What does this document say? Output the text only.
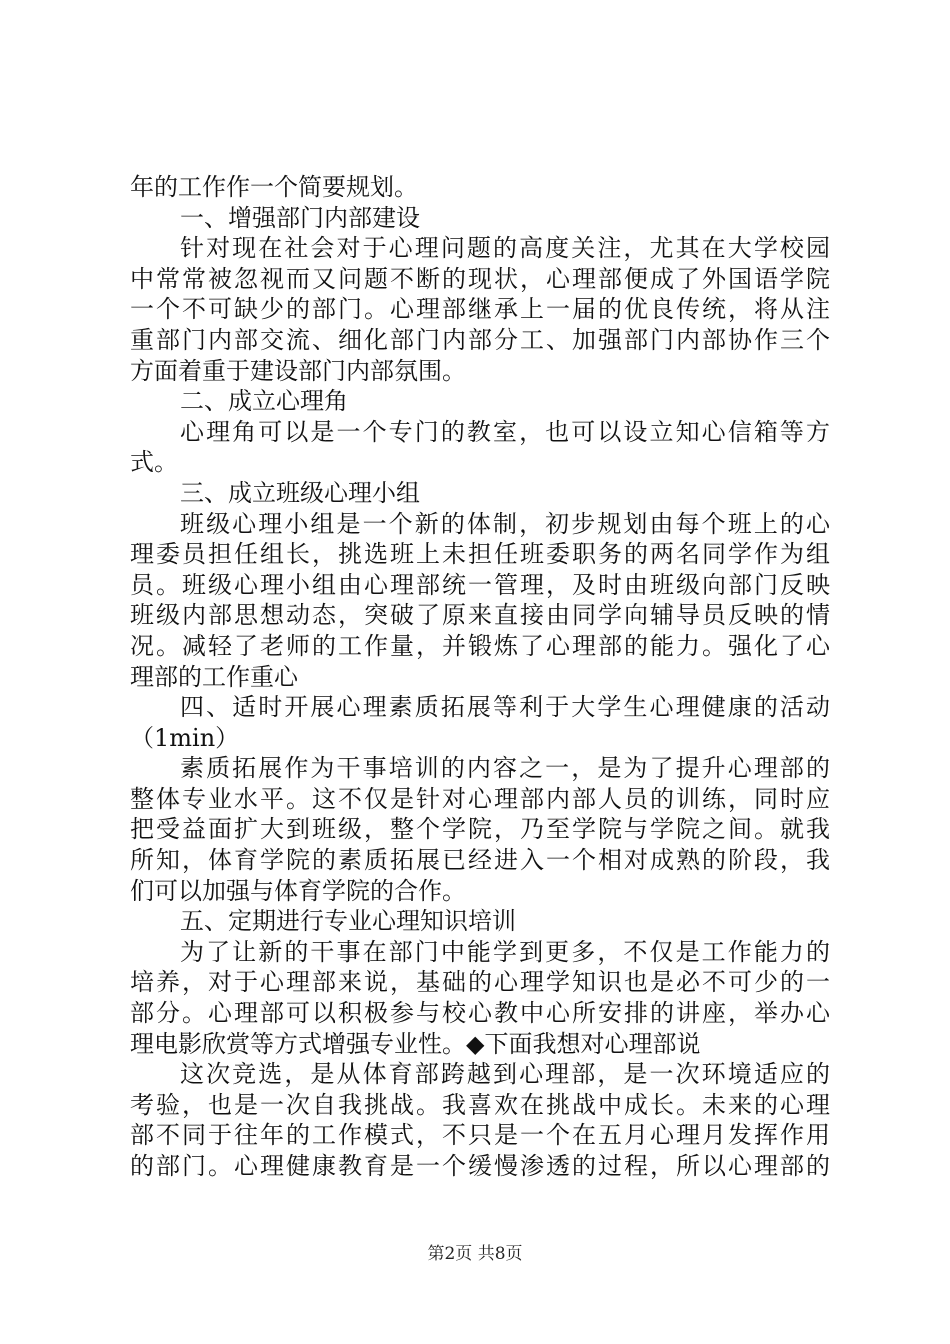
年的工作作一个简要规划。
一、增强部门内部建设
针对现在社会对于心理问题的高度关注，尤其在大学校园
中常常被忽视而又问题不断的现状，心理部便成了外国语学院
一个不可缺少的部门。心理部继承上一届的优良传统，将从注
重部门内部交流、细化部门内部分工、加强部门内部协作三个
方面着重于建设部门内部氛围。
二、成立心理角
心理角可以是一个专门的教室，也可以设立知心信箱等方
式。
三、成立班级心理小组
班级心理小组是一个新的体制，初步规划由每个班上的心
理委员担任组长，挑选班上未担任班委职务的两名同学作为组
员。班级心理小组由心理部统一管理，及时由班级向部门反映
班级内部思想动态，突破了原来直接由同学向辅导员反映的情
况。减轻了老师的工作量，并锻炼了心理部的能力。强化了心
理部的工作重心
四、适时开展心理素质拓展等利于大学生心理健康的活动
（1min）
素质拓展作为干事培训的内容之一，是为了提升心理部的
整体专业水平。这不仅是针对心理部内部人员的训练，同时应
把受益面扩大到班级，整个学院，乃至学院与学院之间。就我
所知，体育学院的素质拓展已经进入一个相对成熟的阶段，我
们可以加强与体育学院的合作。
五、定期进行专业心理知识培训
为了让新的干事在部门中能学到更多，不仅是工作能力的
培养，对于心理部来说，基础的心理学知识也是必不可少的一
部分。心理部可以积极参与校心教中心所安排的讲座，举办心
理电影欣赏等方式增强专业性。◆下面我想对心理部说
这次竞选，是从体育部跨越到心理部，是一次环境适应的
考验，也是一次自我挑战。我喜欢在挑战中成长。未来的心理
部不同于往年的工作模式，不只是一个在五月心理月发挥作用
的部门。心理健康教育是一个缓慢渗透的过程，所以心理部的
第2页 共8页
